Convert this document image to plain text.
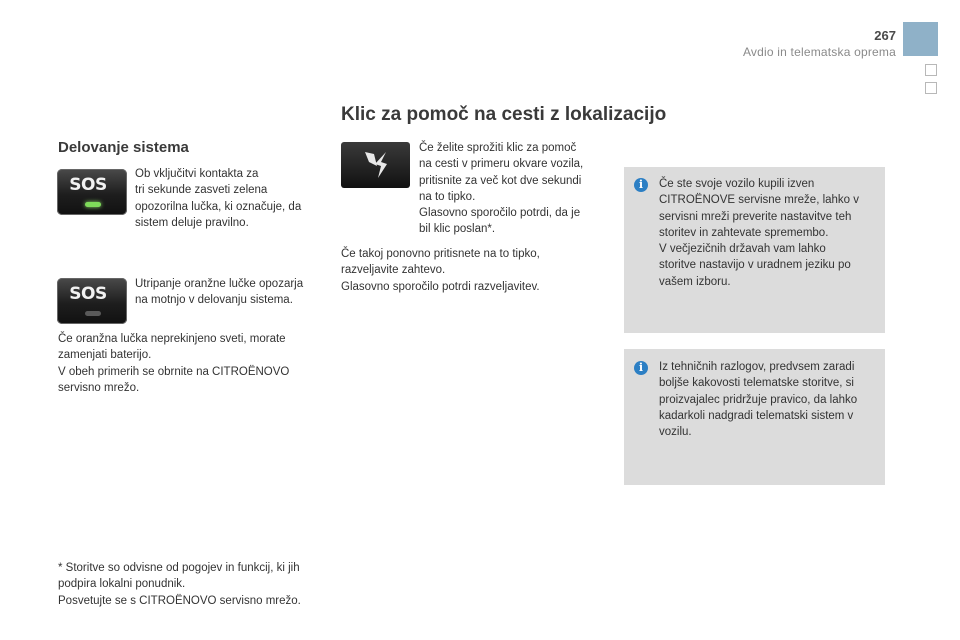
267
Avdio in telematska oprema
Klic za pomoč na cesti z lokalizacijo
Delovanje sistema
SOS
Ob vključitvi kontakta za
tri sekunde zasveti zelena
opozorilna lučka, ki označuje, da
sistem deluje pravilno.
SOS	Utripanje oranžne lučke opozarja
na motnjo v delovanju sistema.
Če oranžna lučka neprekinjeno sveti, morate
zamenjati baterijo.
V obeh primerih se obrnite na CITROËNOVO
servisno mrežo.
* Storitve so odvisne od pogojev in funkcij, ki jih
podpira lokalni ponudnik.
Posvetujte se s CITROËNOVO servisno mrežo.
Če želite sprožiti klic za pomoč
na cesti v primeru okvare vozila,
pritisnite za več kot dve sekundi
na to tipko.
Glasovno sporočilo potrdi, da je
bil klic poslan*.
Če takoj ponovno pritisnete na to tipko,
razveljavite zahtevo.
Glasovno sporočilo potrdi razveljavitev.
i	Če ste svoje vozilo kupili izven
CITROËNOVE servisne mreže, lahko v
servisni mreži preverite nastavitve teh
storitev in zahtevate spremembo.
V večjezičnih državah vam lahko
storitve nastavijo v uradnem jeziku po
vašem izboru.
i	Iz tehničnih razlogov, predvsem zaradi
boljše kakovosti telematske storitve, si
proizvajalec pridržuje pravico, da lahko
kadarkoli nadgradi telematski sistem v
vozilu.
